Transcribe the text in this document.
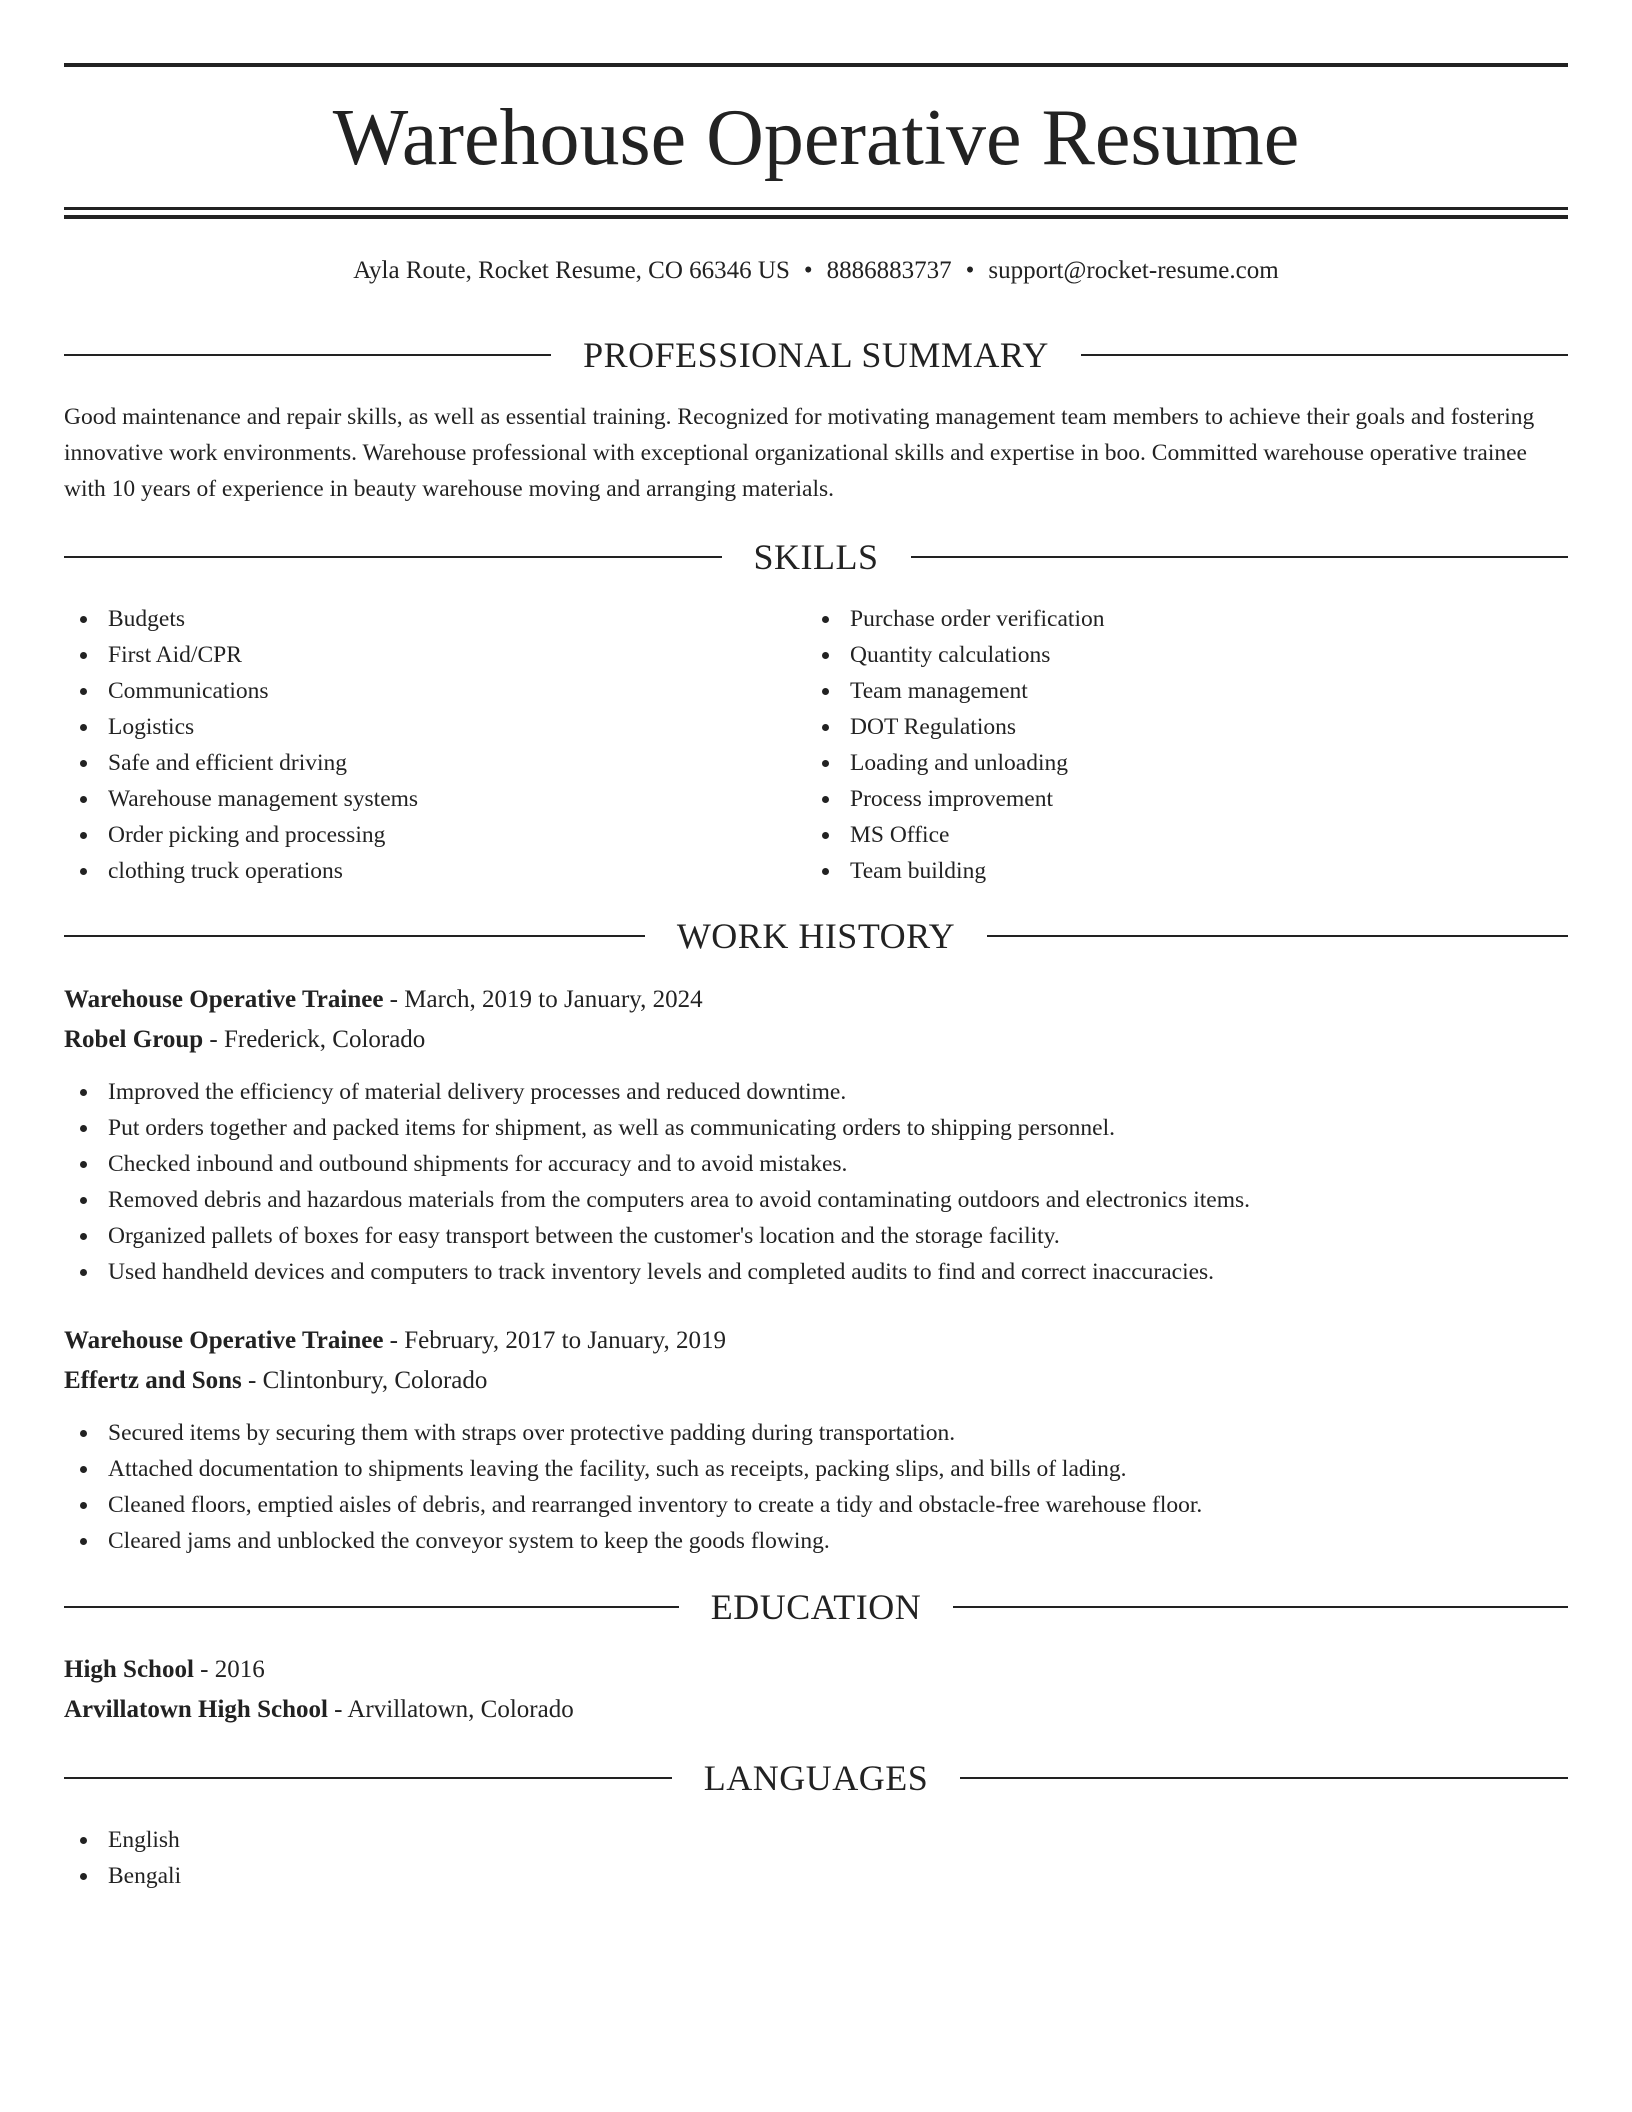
Warehouse Operative Resume
Ayla Route, Rocket Resume, CO 66346 US • 8886883737 • support@rocket-resume.com
PROFESSIONAL SUMMARY
Good maintenance and repair skills, as well as essential training. Recognized for motivating management team members to achieve their goals and fostering innovative work environments. Warehouse professional with exceptional organizational skills and expertise in boo. Committed warehouse operative trainee with 10 years of experience in beauty warehouse moving and arranging materials.
SKILLS
Budgets
First Aid/CPR
Communications
Logistics
Safe and efficient driving
Warehouse management systems
Order picking and processing
clothing truck operations
Purchase order verification
Quantity calculations
Team management
DOT Regulations
Loading and unloading
Process improvement
MS Office
Team building
WORK HISTORY
Warehouse Operative Trainee - March, 2019 to January, 2024
Robel Group - Frederick, Colorado
Improved the efficiency of material delivery processes and reduced downtime.
Put orders together and packed items for shipment, as well as communicating orders to shipping personnel.
Checked inbound and outbound shipments for accuracy and to avoid mistakes.
Removed debris and hazardous materials from the computers area to avoid contaminating outdoors and electronics items.
Organized pallets of boxes for easy transport between the customer's location and the storage facility.
Used handheld devices and computers to track inventory levels and completed audits to find and correct inaccuracies.
Warehouse Operative Trainee - February, 2017 to January, 2019
Effertz and Sons - Clintonbury, Colorado
Secured items by securing them with straps over protective padding during transportation.
Attached documentation to shipments leaving the facility, such as receipts, packing slips, and bills of lading.
Cleaned floors, emptied aisles of debris, and rearranged inventory to create a tidy and obstacle-free warehouse floor.
Cleared jams and unblocked the conveyor system to keep the goods flowing.
EDUCATION
High School - 2016
Arvillatown High School - Arvillatown, Colorado
LANGUAGES
English
Bengali
